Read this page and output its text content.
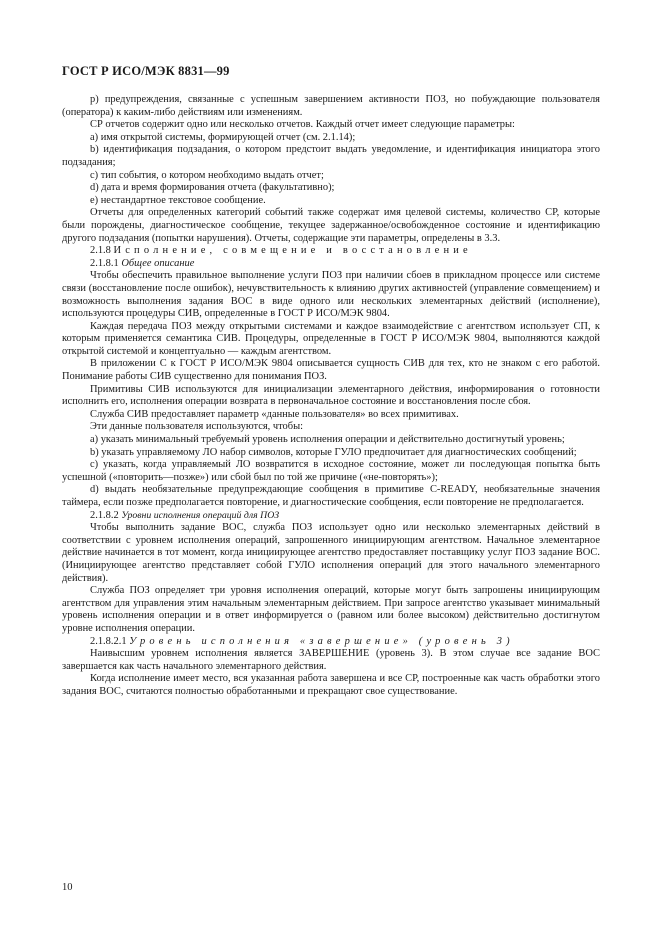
ГОСТ Р ИСО/МЭК 8831—99

р) предупреждения, связанные с успешным завершением активности ПОЗ, но побуждающие пользователя (оператора) к каким-либо действиям или изменениям.

СР отчетов содержит одно или несколько отчетов. Каждый отчет имеет следующие параметры:

а) имя открытой системы, формирующей отчет (см. 2.1.14);

b) идентификация подзадания, о котором предстоит выдать уведомление, и идентификация инициатора этого подзадания;

с) тип события, о котором необходимо выдать отчет;

d) дата и время формирования отчета (факультативно);

е) нестандартное текстовое сообщение.

Отчеты для определенных категорий событий также содержат имя целевой системы, количество СР, которые были порождены, диагностическое сообщение, текущее задержанное/освобожденное состояние и идентификацию другого подзадания (попытки нарушения). Отчеты, содержащие эти параметры, определены в 3.3.

2.1.8 Исполнение, совмещение и восстановление

2.1.8.1 Общее описание

Чтобы обеспечить правильное выполнение услуги ПОЗ при наличии сбоев в прикладном процессе или системе связи (восстановление после ошибок), нечувствительность к влиянию других активностей (управление совмещением) и возможность выполнения задания ВОС в виде одного или нескольких элементарных действий (исполнение), используются процедуры СИВ, определенные в ГОСТ Р ИСО/МЭК 9804.

Каждая передача ПОЗ между открытыми системами и каждое взаимодействие с агентством использует СП, к которым применяется семантика СИВ. Процедуры, определенные в ГОСТ Р ИСО/МЭК 9804, выполняются каждой открытой системой и концептуально — каждым агентством.

В приложении С к ГОСТ Р ИСО/МЭК 9804 описывается сущность СИВ для тех, кто не знаком с его работой. Понимание работы СИВ существенно для понимания ПОЗ.

Примитивы СИВ используются для инициализации элементарного действия, информирования о готовности исполнить его, исполнения операции возврата в первоначальное состояние и восстановления после сбоя.

Служба СИВ предоставляет параметр «данные пользователя» во всех примитивах.

Эти данные пользователя используются, чтобы:

а) указать минимальный требуемый уровень исполнения операции и действительно достигнутый уровень;

b) указать управляемому ЛО набор символов, которые ГУЛО предпочитает для диагностических сообщений;

с) указать, когда управляемый ЛО возвратится в исходное состояние, может ли последующая попытка быть успешной («повторить—позже») или сбой был по той же причине («не-повторять»);

d) выдать необязательные предупреждающие сообщения в примитиве C-READY, необязательные значения таймера, если позже предполагается повторение, и диагностические сообщения, если повторение не предполагается.

2.1.8.2 Уровни исполнения операций для ПОЗ

Чтобы выполнить задание ВОС, служба ПОЗ использует одно или несколько элементарных действий в соответствии с уровнем исполнения операций, запрошенного инициирующим агентством. Начальное элементарное действие начинается в тот момент, когда инициирующее агентство предоставляет поставщику услуг ПОЗ задание ВОС. (Инициирующее агентство представляет собой ГУЛО исполнения операций для этого начального элементарного действия).

Служба ПОЗ определяет три уровня исполнения операций, которые могут быть запрошены инициирующим агентством для управления этим начальным элементарным действием. При запросе агентство указывает минимальный уровень исполнения операции и в ответ информируется о (равном или более высоком) действительно достигнутом уровне исполнения операции.

2.1.8.2.1 Уровень исполнения «завершение» (уровень 3)

Наивысшим уровнем исполнения является ЗАВЕРШЕНИЕ (уровень 3). В этом случае все задание ВОС завершается как часть начального элементарного действия.

Когда исполнение имеет место, вся указанная работа завершена и все СР, построенные как часть обработки этого задания ВОС, считаются полностью обработанными и прекращают свое существование.

10
